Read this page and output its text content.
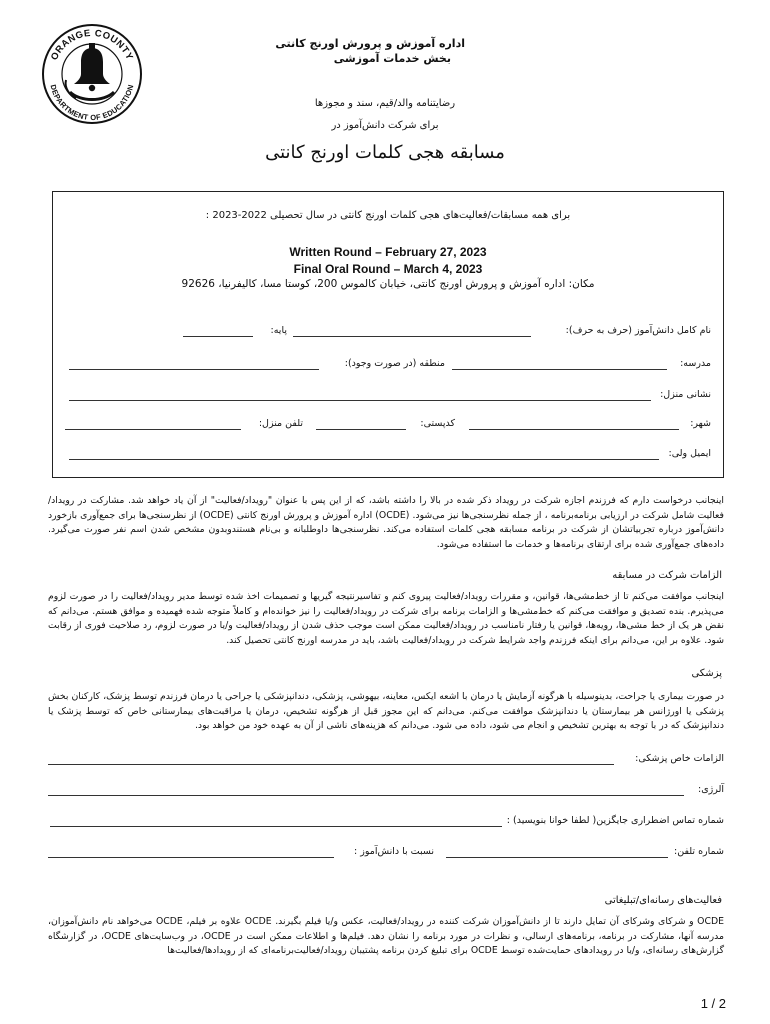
ORANGE COUNTY
DEPARTMENT OF EDUCATION
اداره آموزش و پرورش اورنج کانتی
بخش خدمات آموزشی
رضایتنامه والد/قیم، سند و مجوزها
برای شرکت دانش‌آموز در
مسابقه هجی کلمات اورنج کانتی
برای همه مسابقات/فعالیت‌های هجی کلمات اورنج کانتی در سال تحصیلی 2022-2023 :
Written Round – February 27, 2023
Final Oral Round – March 4, 2023
مکان: اداره آموزش و پرورش اورنج کانتی، خیابان کالموس 200، کوستا مسا، کالیفرنیا، 92626
نام کامل دانش‌آموز (حرف به حرف):
پایه:
مدرسه:
منطقه (در صورت وجود):
نشانی منزل:
شهر:
کدپستی:
تلفن منزل:
ایمیل ولی:
اینجانب درخواست دارم که فرزندم اجازه شرکت در رویداد ذکر شده در بالا را داشته باشد، که از این پس با عنوان "رویداد/فعالیت" از آن یاد خواهد شد. مشارکت در رویداد/فعالیت شامل شرکت در ارزیابی برنامه‌برنامه ، از جمله نظرسنجی‌ها نیز می‌شود. (OCDE) اداره آموزش و پرورش اورنج کانتی (OCDE) از نظرسنجی‌ها برای جمع‌آوری بازخورد دانش‌آموز درباره تجربیاتشان از شرکت در برنامه مسابقه هجی کلمات استفاده می‌کند. نظرسنجی‌ها داوطلبانه و بی‌نام هستندوبدون مشخص شدن اسم نفر صورت می‌گیرد. داده‌های جمع‌آوری شده برای ارتقای برنامه‌ها و خدمات ما استفاده می‌شود.
الزامات شرکت در مسابقه
اینجانب موافقت می‌کنم تا از خط‌مشی‌ها، قوانین، و مقررات رویداد/فعالیت پیروی کنم و تفاسیرنتیجه گیریها و تصمیمات اخذ شده توسط مدیر رویداد/فعالیت را در صورت لزوم می‌پذیرم. بنده تصدیق و موافقت می‌کنم که خط‌مشی‌ها و الزامات برنامه برای شرکت در رویداد/فعالیت را نیز خوانده‌ام و کاملاً متوجه شده فهمیده و موافق هستم. می‌دانم که نقض هر یک از خط مشی‌ها، رویه‌ها، قوانین یا رفتار نامناسب در رویداد/فعالیت ممکن است موجب حذف شدن از رویداد/فعالیت و/یا در صورت لزوم، رد صلاحیت فوری از رقابت شود. علاوه بر این، می‌دانم برای اینکه فرزندم واجد شرایط شرکت در رویداد/فعالیت باشد، باید در مدرسه اورنج کانتی تحصیل کند.
پزشکی
در صورت بیماری یا جراحت، بدینوسیله با هرگونه آزمایش یا درمان با اشعه ایکس، معاینه، بیهوشی، پزشکی، دندانپزشکی یا جراحی یا درمان فرزندم توسط پزشک، کارکنان بخش پزشکی یا اورژانس هر بیمارستان یا دندانپزشک موافقت می‌کنم. می‌دانم که این مجوز قبل از هرگونه تشخیص، درمان یا مراقبت‌های بیمارستانی خاص که توسط پزشک یا دندانپزشک که در با توجه به بهترین تشخیص و انجام می شود، داده می شود. می‌دانم که هزینه‌های ناشی از آن به عهده خود من خواهد بود.
الزامات خاص پزشکی:
آلرژی:
شماره تماس اضطراری جایگزین( لطفا خوانا بنویسید) :
شماره تلفن:
نسبت با دانش‌آموز :
فعالیت‌های رسانه‌ای/تبلیغاتی
OCDE و شرکای وشرکای آن تمایل دارند تا از دانش‌آموزان شرکت کننده در رویداد/فعالیت، عکس و/یا فیلم بگیرند. OCDE علاوه بر فیلم، OCDE می‌خواهد نام دانش‌آموزان، مدرسه آنها، مشارکت در برنامه، برنامه‌های ارسالی، و نظرات در مورد برنامه را نشان دهد. فیلم‌ها و اطلاعات ممکن است در OCDE، در وب‌سایت‌های OCDE، در گزارشگاه گزارش‌های رسانه‌ای، و/یا در رویدادهای حمایت‌شده توسط OCDE برای تبلیغ کردن برنامه پشتیبان رویداد/فعالیت‌برنامه‌ای که از رویدادها/فعالیت‌ها
1 / 2
